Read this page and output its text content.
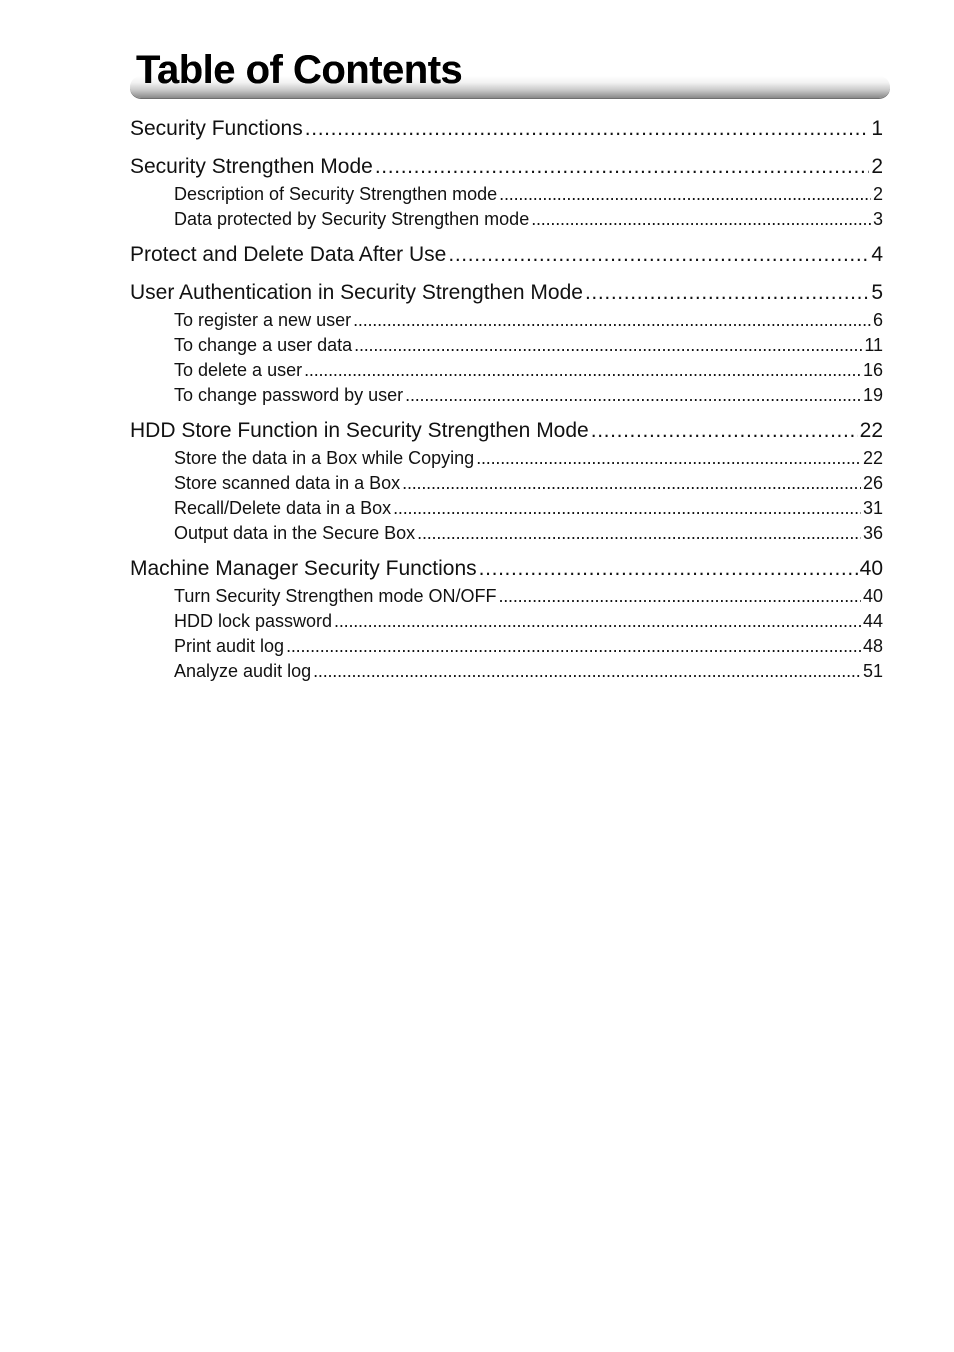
Table of Contents
Security Functions . . .	1
Security Strengthen Mode . . .	2
Description of Security Strengthen mode . . .	2
Data protected by Security Strengthen mode . . .	3
Protect and Delete Data After Use . . .	4
User Authentication in Security Strengthen Mode . . .	5
To register a new user . . .	6
To change a user data . . .	11
To delete a user . . .	16
To change password by user . . .	19
HDD Store Function in Security Strengthen Mode . . .	22
Store the data in a Box while Copying . . .	22
Store scanned data in a Box . . .	26
Recall/Delete data in a Box . . .	31
Output data in the Secure Box . . .	36
Machine Manager Security Functions . . .	40
Turn Security Strengthen mode ON/OFF . . .	40
HDD lock password . . .	44
Print audit log . . .	48
Analyze audit log . . .	51
